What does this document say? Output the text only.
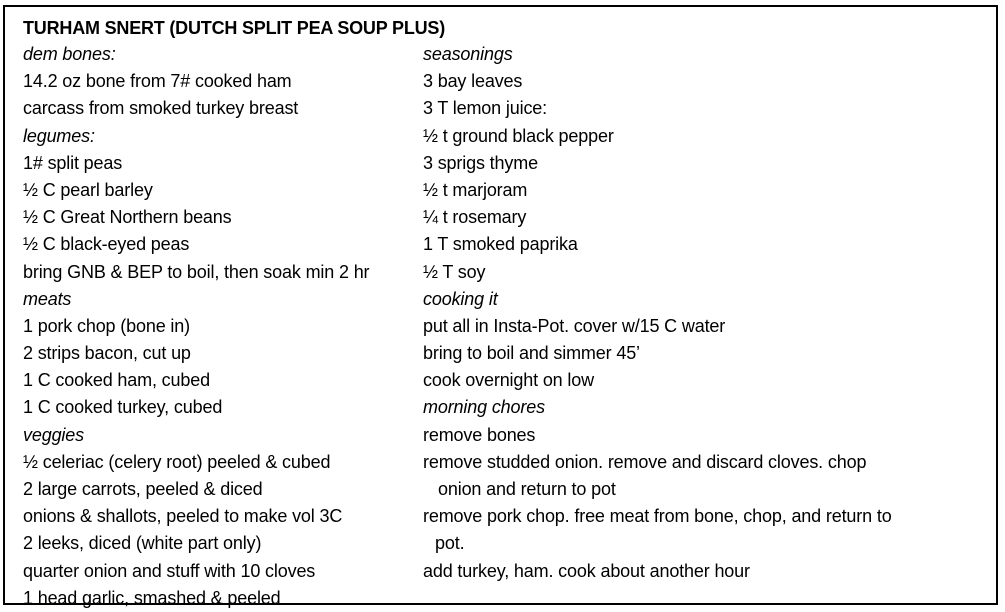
TURHAM SNERT (DUTCH SPLIT PEA SOUP PLUS)
dem bones:
14.2 oz bone from 7# cooked ham
carcass from smoked turkey breast
legumes:
1# split peas
½ C pearl barley
½ C Great Northern beans
½ C black-eyed peas
bring GNB & BEP to boil, then soak min 2 hr
meats
1 pork chop (bone in)
2 strips bacon, cut up
1 C cooked ham, cubed
1 C cooked turkey, cubed
veggies
½ celeriac (celery root) peeled & cubed
2 large carrots, peeled & diced
onions & shallots, peeled to make vol 3C
2 leeks, diced (white part only)
quarter onion and stuff with 10 cloves
1 head garlic, smashed & peeled
seasonings
3 bay leaves
3 T lemon juice:
½ t ground black pepper
3 sprigs thyme
½ t marjoram
¼ t rosemary
1 T smoked paprika
½ T soy
cooking it
put all in Insta-Pot. cover w/15 C water
bring to boil and simmer 45’
cook overnight on low
morning chores
remove bones
remove studded onion. remove and discard cloves. chop
onion and return to pot
remove pork chop. free meat from bone, chop, and return to
pot.
add turkey, ham. cook about another hour
